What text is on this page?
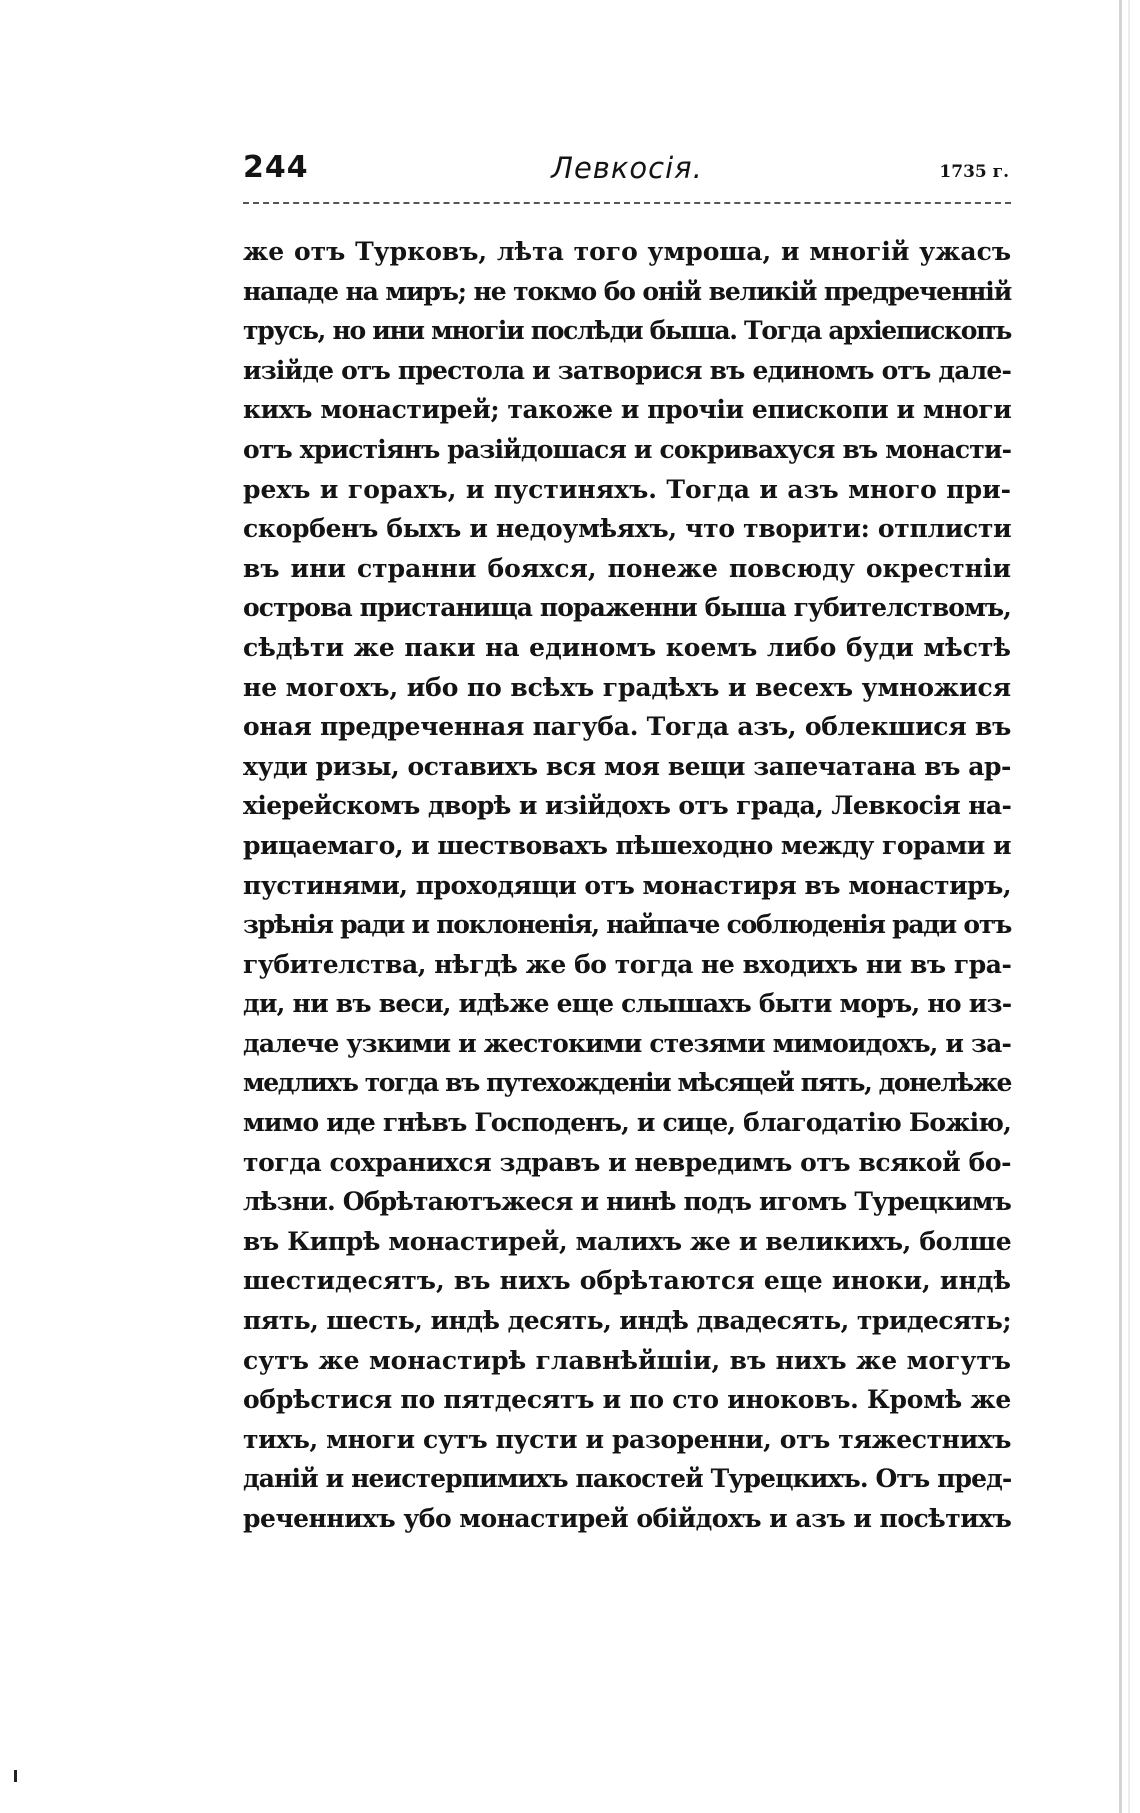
244	Левкосія.	1735 г.
же отъ Турковъ, лѣта того умроша, и многій ужасъ
нападе на миръ; не токмо бо оній великій предреченній
трусь, но ини многіи послѣди быша. Тогда архіепископъ
изійде отъ престола и затворися въ единомъ отъ дале-
кихъ монастирей; такоже и прочіи епископи и многи
отъ христіянъ разійдошася и сокривахуся въ монасти-
рехъ и горахъ, и пустиняхъ. Тогда и азъ много при-
скорбенъ быхъ и недоумѣяхъ, что творити: отплисти
въ ини странни бояхся, понеже повсюду окрестніи
острова пристанища пораженни быша губителствомъ,
сѣдѣти же паки на единомъ коемъ либо буди мѣстѣ
не могохъ, ибо по всѣхъ градѣхъ и весехъ умножися
оная предреченная пагуба. Тогда азъ, облекшися въ
худи ризы, оставихъ вся моя вещи запечатана въ ар-
хіерейскомъ дворѣ и изійдохъ отъ града, Левкосія на-
рицаемаго, и шествовахъ пѣшеходно между горами и
пустинями, проходящи отъ монастиря въ монастиръ,
зрѣнія ради и поклоненія, найпаче соблюденія ради отъ
губителства, нѣгдѣ же бо тогда не входихъ ни въ гра-
ди, ни въ веси, идѣже еще слышахъ быти моръ, но из-
далече узкими и жестокими стезями мимоидохъ, и за-
медлихъ тогда въ путехожденіи мѣсяцей пять, донелѣже
мимо иде гнѣвъ Господенъ, и сице, благодатію Божію,
тогда сохранихся здравъ и невредимъ отъ всякой бо-
лѣзни. Обрѣтаютъжеся и нинѣ подъ игомъ Турецкимъ
въ Кипрѣ монастирей, малихъ же и великихъ, болше
шестидесятъ, въ нихъ обрѣтаются еще иноки, индѣ
пять, шесть, индѣ десять, индѣ двадесять, тридесять;
сутъ же монастирѣ главнѣйшіи, въ нихъ же могутъ
обрѣстися по пятдесятъ и по сто иноковъ. Кромѣ же
тихъ, многи сутъ пусти и разоренни, отъ тяжестнихъ
даній и неистерпимихъ пакостей Турецкихъ. Отъ пред-
реченнихъ убо монастирей обійдохъ и азъ и посѣтихъ
